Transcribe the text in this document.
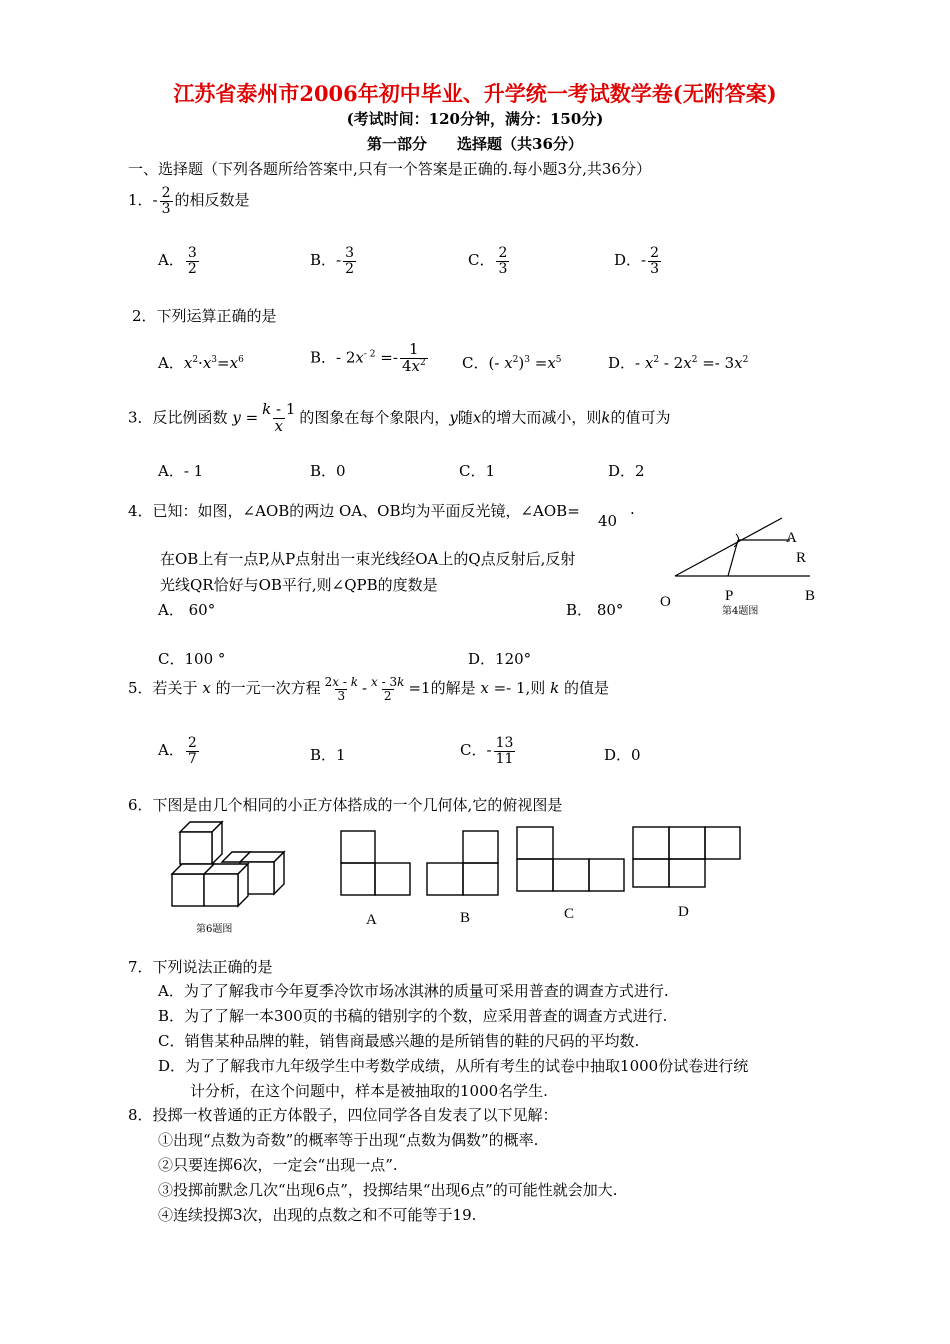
江苏省泰州市2006年初中毕业、升学统一考试数学卷(无附答案)
(考试时间：120分钟，满分：150分)
第一部分　　选择题（共36分）
一、选择题（下列各题所给答案中,只有一个答案是正确的.每小题3分,共36分）
1．- $\frac{2}{3}$ 的相反数是
A． $\frac{3}{2}$	B．- $\frac{3}{2}$	C． $\frac{2}{3}$	D．- $\frac{2}{3}$
2．下列运算正确的是
A．$x^2\cdot x^3=x^6$	B．- $2x^{- 2} =- \frac{1}{4x^2}$ C．(- $x^2)^3 =x^5$	D．- $x^2 - 2x^2 =- 3x^2$
3．反比例函数 $y = \frac{k - 1}{x}$ 的图象在每个象限内，y随x的增大而减小，则k的值可为
A．- 1	B．0	C．1	D．2
4．已知：如图，∠AOB的两边 OA、OB均为平面反光镜，∠AOB=
40
.
在OB上有一点P,从P点射出一束光线经OA上的Q点反射后,反射
光线QR恰好与OB平行,则∠QPB的度数是
A． 60°	B． 80°
C．100 °	D．120°
A
R
O	P	B
第4题图
5．若关于 x 的一元一次方程 $\frac{2x - k}{3} - \frac{x - 3k}{2} =1$的解是 x =- 1,则 k 的值是
A． $\frac{2}{7}$	B．1	C．- $\frac{13}{11}$	D．0
6．下图是由几个相同的小正方体搭成的一个几何体,它的俯视图是
第6题图
A	B	C	D
7．下列说法正确的是
A．为了了解我市今年夏季冷饮市场冰淇淋的质量可采用普查的调查方式进行.
B．为了了解一本300页的书稿的错别字的个数，应采用普查的调查方式进行.
C．销售某种品牌的鞋，销售商最感兴趣的是所销售的鞋的尺码的平均数.
D．为了了解我市九年级学生中考数学成绩，从所有考生的试卷中抽取1000份试卷进行统
计分析，在这个问题中，样本是被抽取的1000名学生.
8．投掷一枚普通的正方体骰子，四位同学各自发表了以下见解：
①出现“点数为奇数”的概率等于出现“点数为偶数”的概率.
②只要连掷6次，一定会“出现一点”.
③投掷前默念几次“出现6点”，投掷结果“出现6点”的可能性就会加大.
④连续投掷3次，出现的点数之和不可能等于19.
